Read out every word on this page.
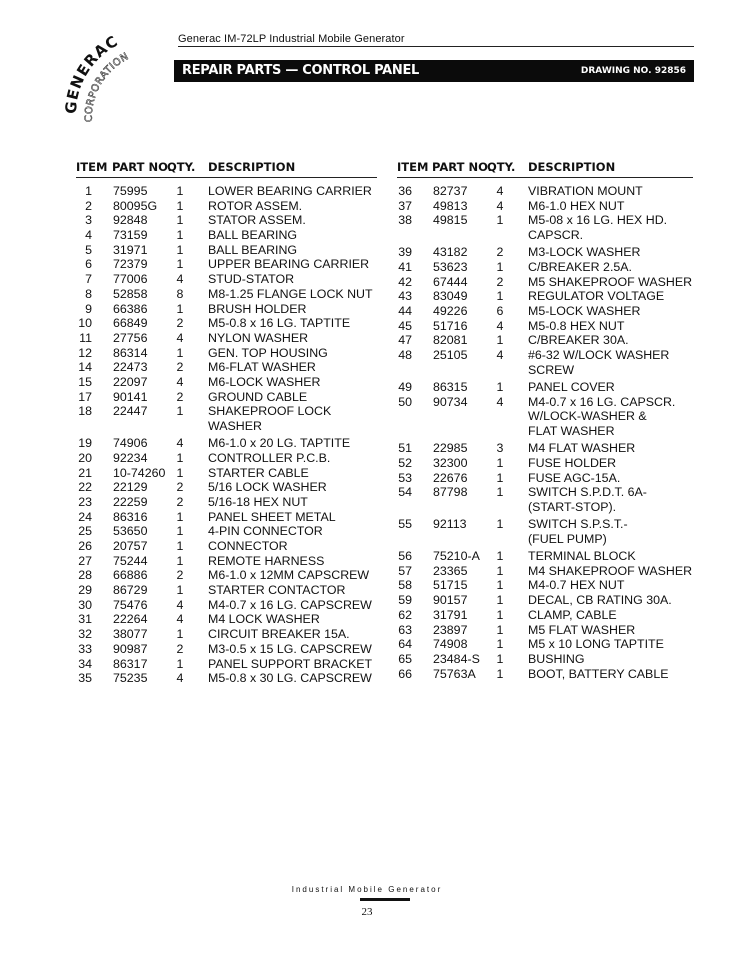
GENERAC
CORPORATION
Generac IM-72LP Industrial Mobile Generator
REPAIR PARTS — CONTROL PANEL	DRAWING NO. 92856
ITEM PART NO.
QTY. DESCRIPTION	ITEM PART NO.
QTY. DESCRIPTION
1 75995 1 LOWER BEARING CARRIER
2 80095G 1 ROTOR ASSEM.
3 92848 1 STATOR ASSEM.
4 73159 1 BALL BEARING
5 31971 1 BALL BEARING
6 72379 1 UPPER BEARING CARRIER
7 77006 4 STUD-STATOR
8 52858 8 M8-1.25 FLANGE LOCK NUT
9 66386 1 BRUSH HOLDER
10 66849 2 M5-0.8 x 16 LG. TAPTITE
11 27756 4 NYLON WASHER
12 86314 1 GEN. TOP HOUSING
14 22473 2 M6-FLAT WASHER
15 22097 4 M6-LOCK WASHER
17 90141 2 GROUND CABLE
18 22447 1 SHAKEPROOF LOCK
WASHER
19 74906 4 M6-1.0 x 20 LG. TAPTITE
20 92234 1 CONTROLLER P.C.B.
21 10-74260 1 STARTER CABLE
22 22129 2 5/16 LOCK WASHER
23 22259 2 5/16-18 HEX NUT
24 86316 1 PANEL SHEET METAL
25 53650 1 4-PIN CONNECTOR
26 20757 1 CONNECTOR
27 75244 1 REMOTE HARNESS
28 66886 2 M6-1.0 x 12MM CAPSCREW
29 86729 1 STARTER CONTACTOR
30 75476 4 M4-0.7 x 16 LG. CAPSCREW
31 22264 4 M4 LOCK WASHER
32 38077 1 CIRCUIT BREAKER 15A.
33 90987 2 M3-0.5 x 15 LG. CAPSCREW
34 86317 1 PANEL SUPPORT BRACKET
35 75235 4 M5-0.8 x 30 LG. CAPSCREW
36 82737 4 VIBRATION MOUNT
37 49813 4 M6-1.0 HEX NUT
38 49815 1 M5-08 x 16 LG. HEX HD.
CAPSCR.
39 43182 2 M3-LOCK WASHER
41 53623 1 C/BREAKER 2.5A.
42 67444 2 M5 SHAKEPROOF WASHER
43 83049 1 REGULATOR VOLTAGE
44 49226 6 M5-LOCK WASHER
45 51716 4 M5-0.8 HEX NUT
47 82081 1 C/BREAKER 30A.
48 25105 4 #6-32 W/LOCK WASHER
SCREW
49 86315 1 PANEL COVER
50 90734 4 M4-0.7 x 16 LG. CAPSCR.
W/LOCK-WASHER &
FLAT WASHER
51 22985 3 M4 FLAT WASHER
52 32300 1 FUSE HOLDER
53 22676 1 FUSE AGC-15A.
54 87798 1 SWITCH S.P.D.T. 6A-
(START-STOP).
55 92113 1 SWITCH S.P.S.T.-
(FUEL PUMP)
56 75210-A 1 TERMINAL BLOCK
57 23365 1 M4 SHAKEPROOF WASHER
58 51715 1 M4-0.7 HEX NUT
59 90157 1 DECAL, CB RATING 30A.
62 31791 1 CLAMP, CABLE
63 23897 1 M5 FLAT WASHER
64 74908 1 M5 x 10 LONG TAPTITE
65 23484-S 1 BUSHING
66 75763A 1 BOOT, BATTERY CABLE
Industrial Mobile Generator
23
